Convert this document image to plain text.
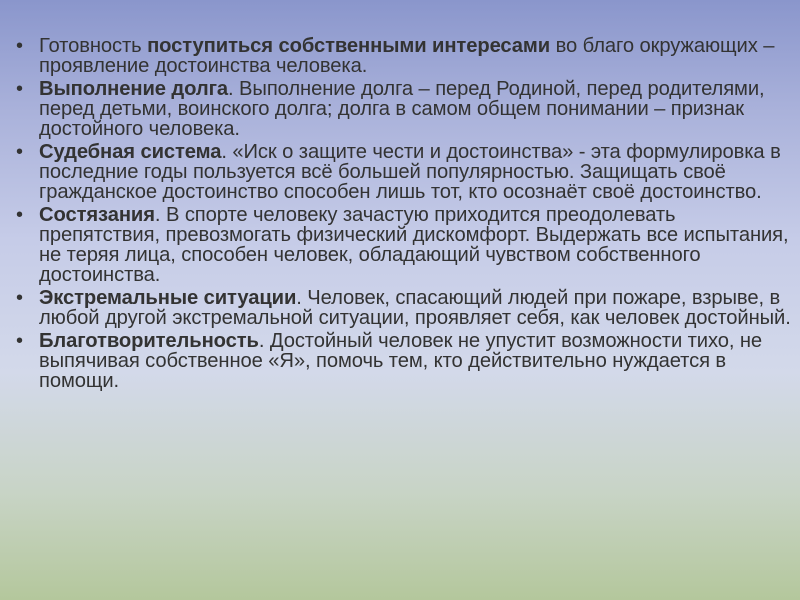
• Готовность поступиться собственными интересами во благо окружающих – проявление достоинства человека.
• Выполнение долга. Выполнение долга – перед Родиной, перед родителями, перед детьми, воинского долга; долга в самом общем понимании – признак достойного человека.
• Судебная система. «Иск о защите чести и достоинства» - эта формулировка в последние годы пользуется всё большей популярностью. Защищать своё гражданское достоинство способен лишь тот, кто осознаёт своё достоинство.
• Состязания. В спорте человеку зачастую приходится преодолевать препятствия, превозмогать физический дискомфорт. Выдержать все испытания, не теряя лица, способен человек, обладающий чувством собственного достоинства.
• Экстремальные ситуации. Человек, спасающий людей при пожаре, взрыве, в любой другой экстремальной ситуации, проявляет себя, как человек достойный.
• Благотворительность. Достойный человек не упустит возможности тихо, не выпячивая собственное «Я», помочь тем, кто действительно нуждается в помощи.
